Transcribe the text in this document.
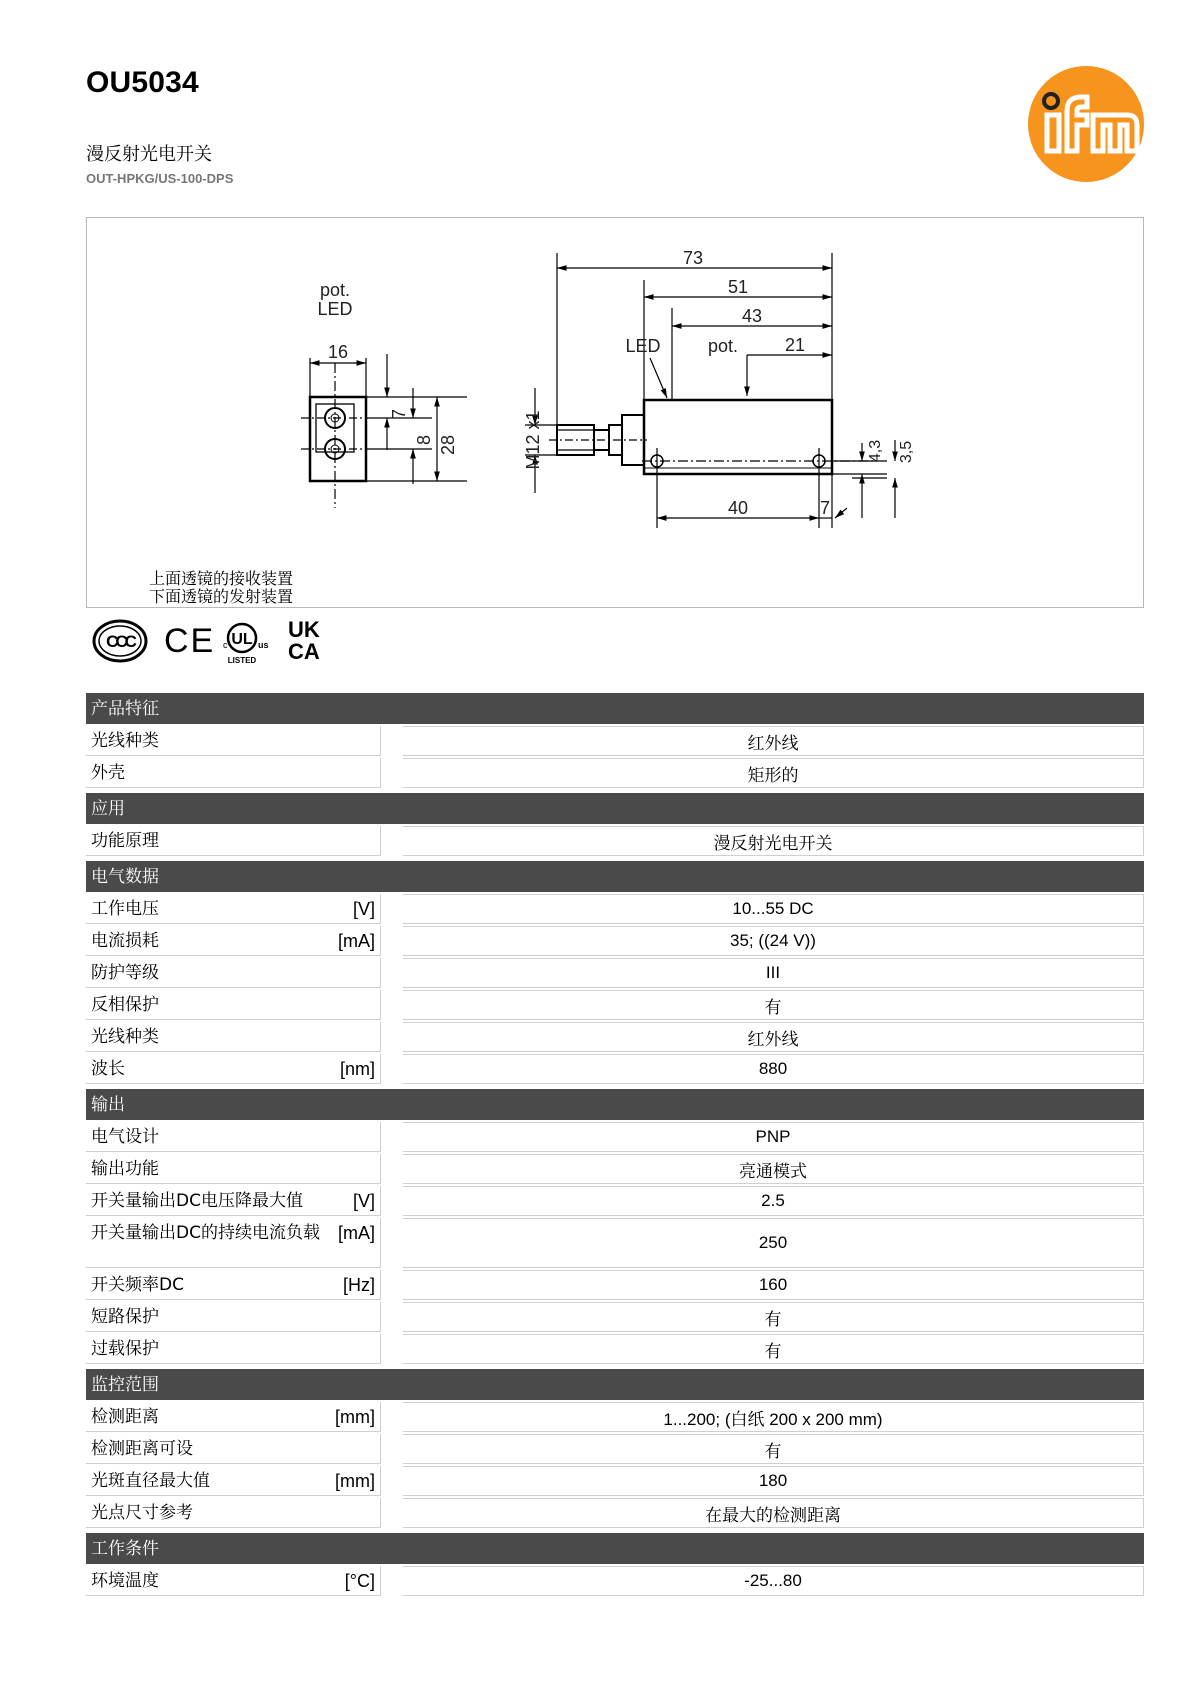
OU5034
漫反射光电开关
OUT-HPKG/US-100-DPS
pot.
LED
16
7
8 28
73
51
43
21
LED	pot.
M12 x1	4,3 3,5
40	7
上面透镜的接收装置
下面透镜的发射装置
CCC CE UL
c	us
LISTED
UK
CA
产品特征
光线种类	红外线
外壳	矩形的
应用
功能原理	漫反射光电开关
电气数据
工作电压	[V]	10...55 DC
电流损耗	[mA]	35; ((24 V))
防护等级	III
反相保护	有
光线种类	红外线
波长	[nm]	880
输出
电气设计	PNP
输出功能	亮通模式
开关量输出DC电压降最大值	[V]	2.5
开关量输出DC的持续电流负载 [mA]	250
开关频率DC	[Hz]	160
短路保护	有
过载保护	有
监控范围
检测距离	[mm]	1...200; (白纸 200 x 200 mm)
检测距离可设	有
光斑直径最大值	[mm]	180
光点尺寸参考	在最大的检测距离
工作条件
环境温度	[°C]	-25...80
